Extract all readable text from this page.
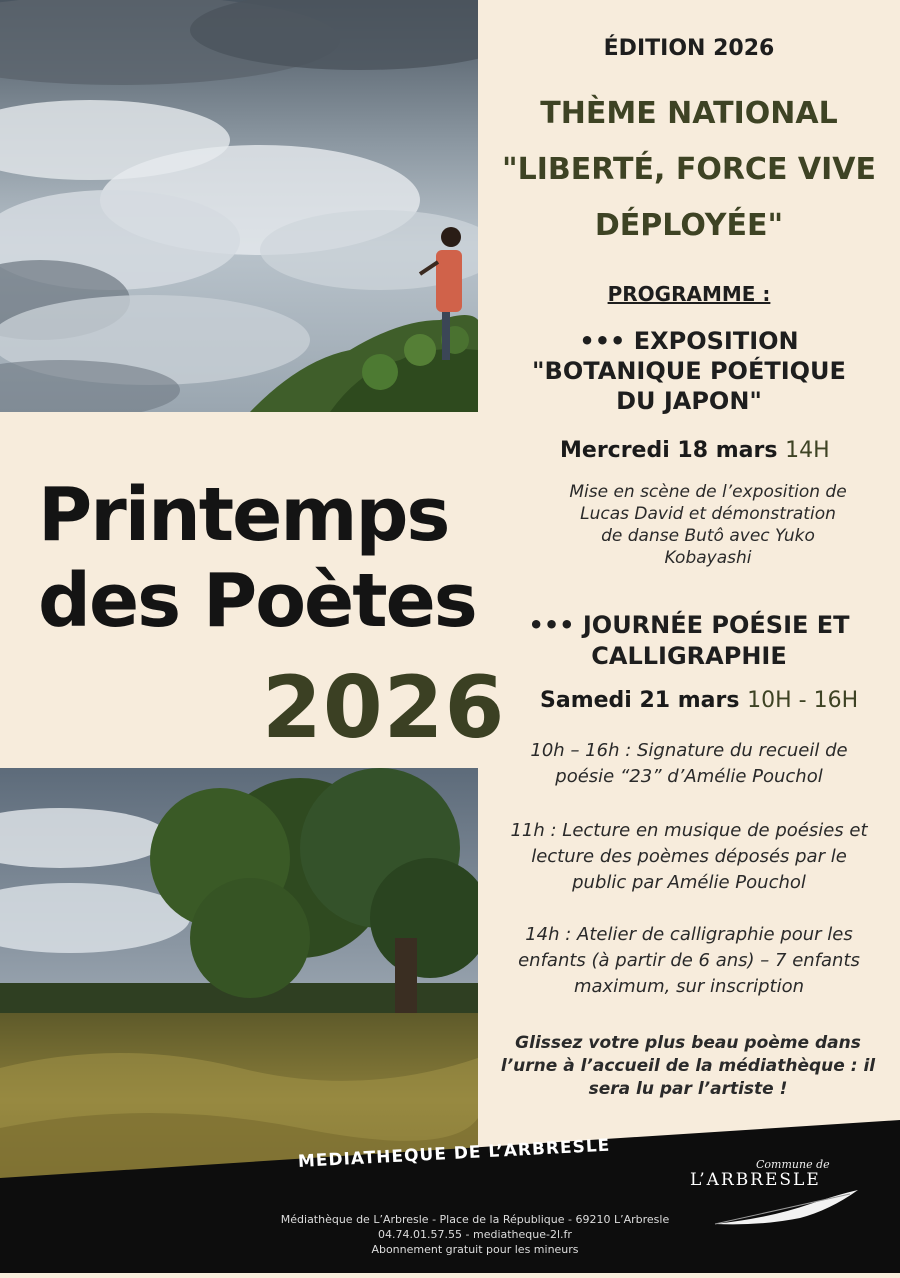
Printemps
des Poètes
2026
ÉDITION 2026
THÈME NATIONAL
"LIBERTÉ, FORCE VIVE
DÉPLOYÉE"
PROGRAMME :
••• EXPOSITION
"BOTANIQUE POÉTIQUE
DU JAPON"
Mercredi 18 mars 14H
Mise en scène de l’exposition de
Lucas David et démonstration
de danse Butô avec Yuko
Kobayashi
••• JOURNÉE POÉSIE ET
CALLIGRAPHIE
Samedi 21 mars 10H - 16H
10h – 16h : Signature du recueil de
poésie “23” d’Amélie Pouchol
11h : Lecture en musique de poésies et
lecture des poèmes déposés par le
public par Amélie Pouchol
14h : Atelier de calligraphie pour les
enfants (à partir de 6 ans) – 7 enfants
maximum, sur inscription
Glissez votre plus beau poème dans
l’urne à l’accueil de la médiathèque : il
sera lu par l’artiste !
MEDIATHEQUE DE L’ARBRESLE
Médiathèque de L’Arbresle - Place de la République - 69210 L’Arbresle
04.74.01.57.55 - mediatheque-2l.fr
Abonnement gratuit pour les mineurs
Commune de
L’ARBRESLE
